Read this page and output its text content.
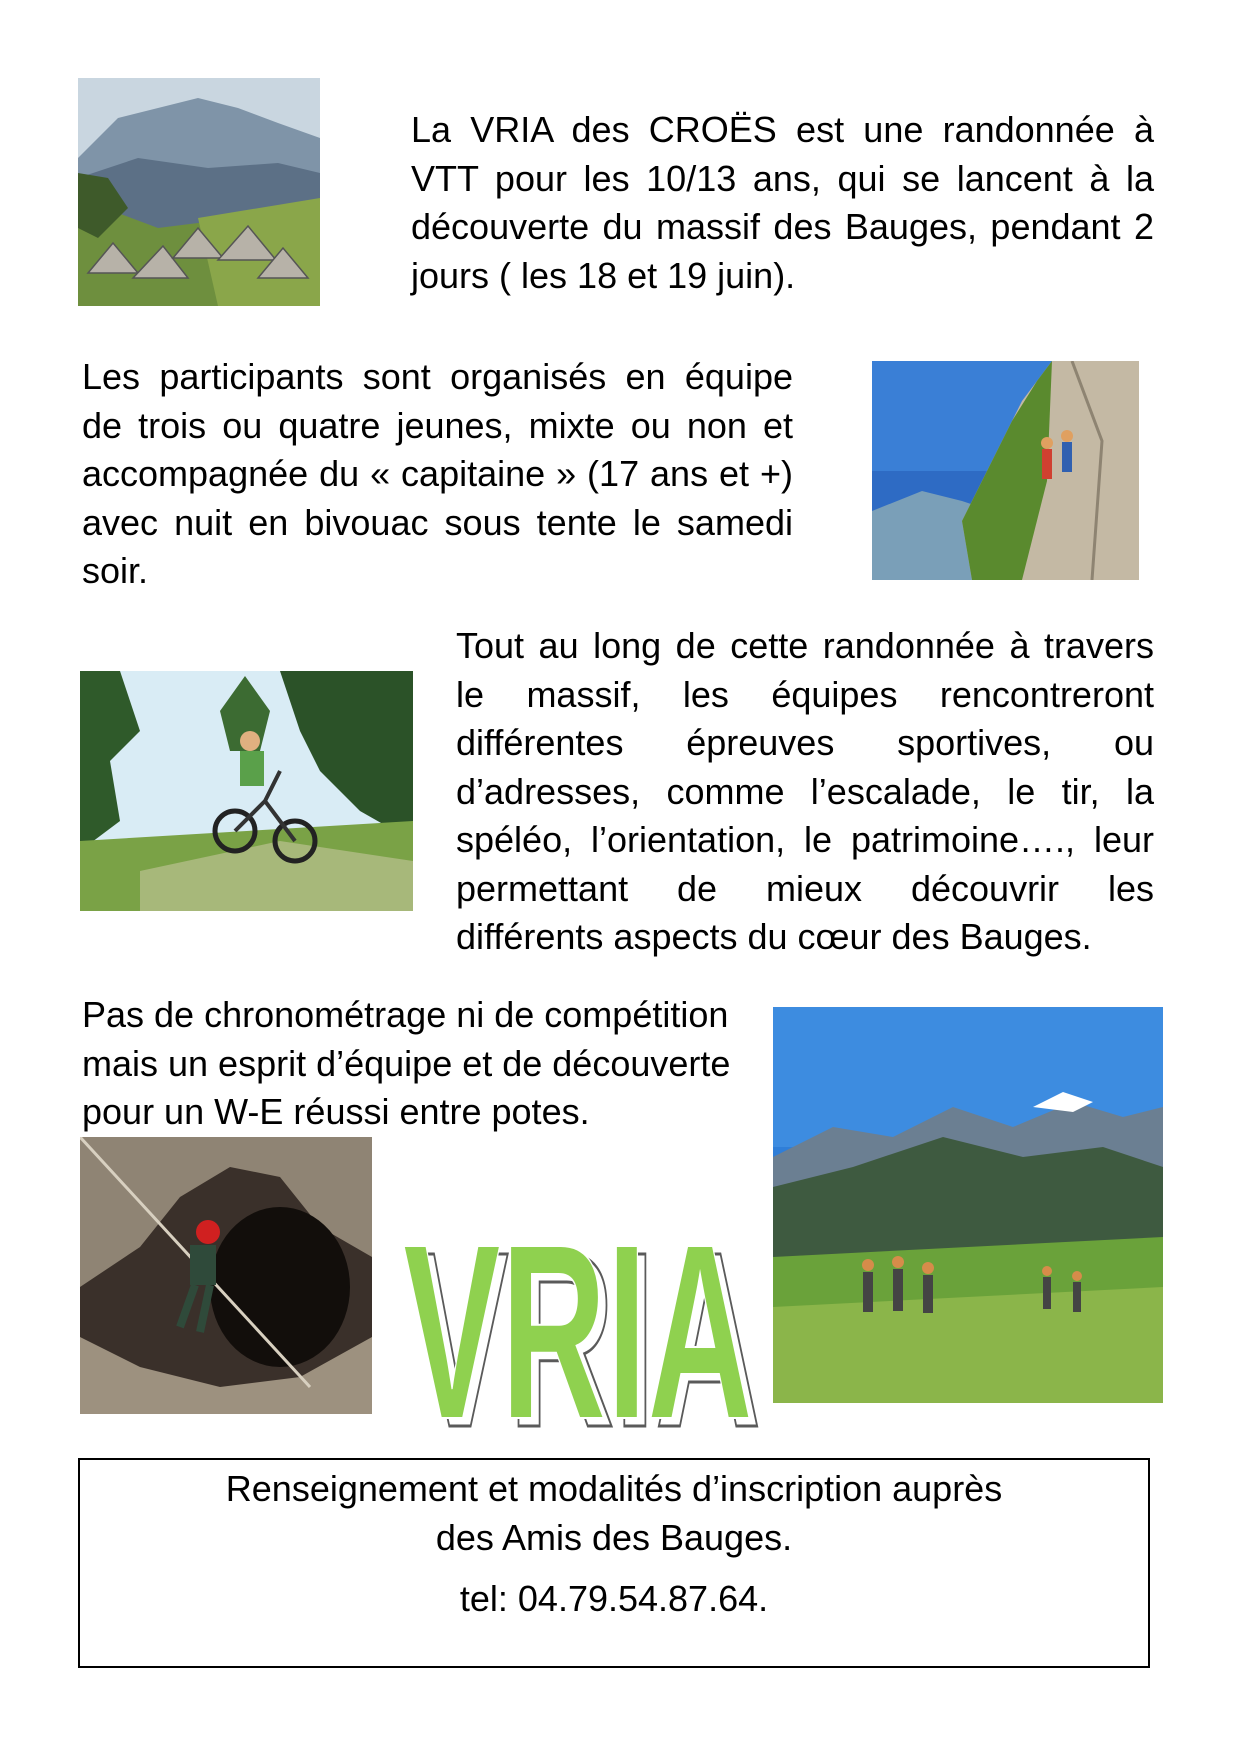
La VRIA des CROËS est une randonnée à VTT pour les 10/13 ans, qui se lancent à la découverte du massif des Bauges, pendant 2 jours ( les 18 et 19 juin).

Les participants sont organisés en équipe de trois ou quatre jeunes, mixte ou non et accompagnée du « capitaine » (17 ans et +) avec nuit en bivouac sous tente le samedi soir.

Tout au long de cette randonnée à travers le massif, les équipes rencontreront différentes épreuves sportives, ou d’adresses, comme l’escalade, le tir, la spéléo, l’orientation, le patrimoine…., leur permettant de mieux découvrir les différents aspects du cœur des Bauges.

Pas de chronométrage ni de compétition mais un esprit d’équipe et de découverte pour un W-E réussi entre potes.

VRIA
VRIA

Renseignement et modalités d’inscription auprès

des Amis des Bauges.

tel: 04.79.54.87.64.
